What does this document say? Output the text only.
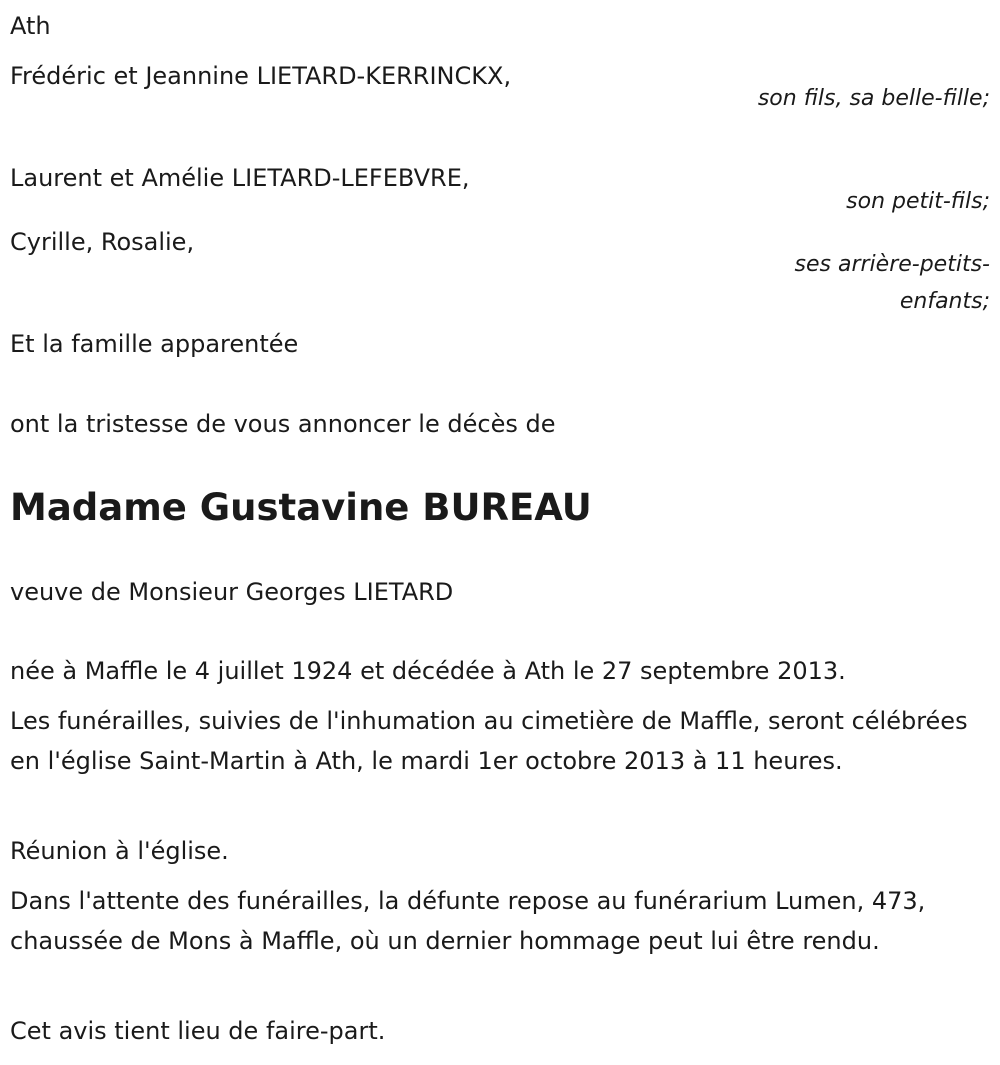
Ath

Frédéric et Jeannine LIETARD-KERRINCKX,

son fils, sa belle-fille;

Laurent et Amélie LIETARD-LEFEBVRE,

son petit-fils;

Cyrille, Rosalie,

ses arrière-petits-enfants;

Et la famille apparentée

ont la tristesse de vous annoncer le décès de

Madame Gustavine BUREAU

veuve de Monsieur Georges LIETARD

née à Maffle le 4 juillet 1924 et décédée à Ath le 27 septembre 2013.

Les funérailles, suivies de l'inhumation au cimetière de Maffle, seront célébrées en l'église Saint-Martin à Ath, le mardi 1er octobre 2013 à 11 heures.

Réunion à l'église.

Dans l'attente des funérailles, la défunte repose au funérarium Lumen, 473, chaussée de Mons à Maffle, où un dernier hommage peut lui être rendu.

Cet avis tient lieu de faire-part.
